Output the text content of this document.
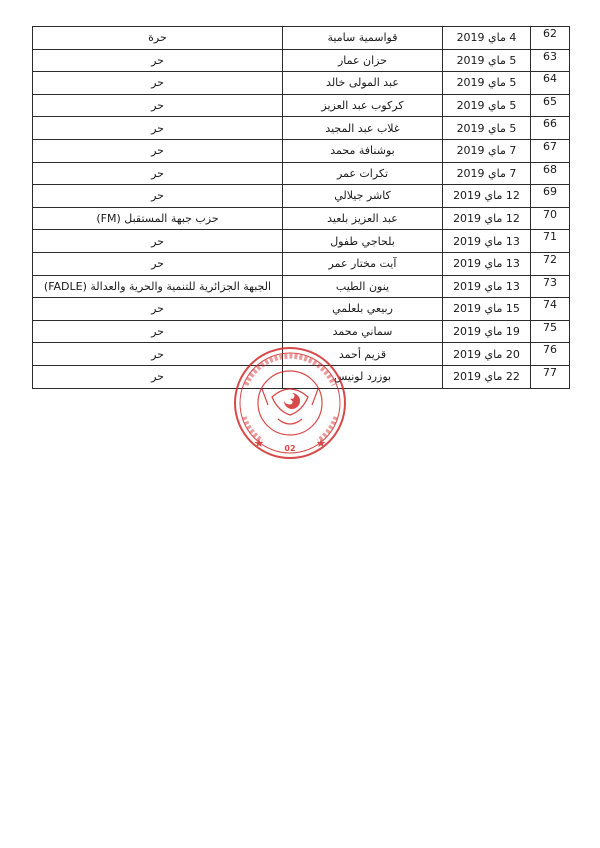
حرة	قواسمية سامية	4 ماي 2019	62
حر	حزان عمار	5 ماي 2019	63
حر	عبد المولى خالد	5 ماي 2019	64
حر	كركوب عبد العزيز	5 ماي 2019	65
حر	غلاب عبد المجيد	5 ماي 2019	66
حر	بوشنافة محمد	7 ماي 2019	67
حر	تكرات عمر	7 ماي 2019	68
حر	كاشر جيلالي	12 ماي 2019	69
حزب جبهة المستقبل (FM)	عبد العزيز بلعيد	12 ماي 2019	70
حر	بلحاجي طفول	13 ماي 2019	71
حر	آيت مختار عمر	13 ماي 2019	72
الجبهة الجزائرية للتنمية والحرية والعدالة (FADLE)	ينون الطيب	13 ماي 2019	73
حر	ربيعي بلعلمي	15 ماي 2019	74
حر	سماني محمد	19 ماي 2019	75
حر	قزيم أحمد	20 ماي 2019	76
حر	بوزرد لونيس	22 ماي 2019	77
02
